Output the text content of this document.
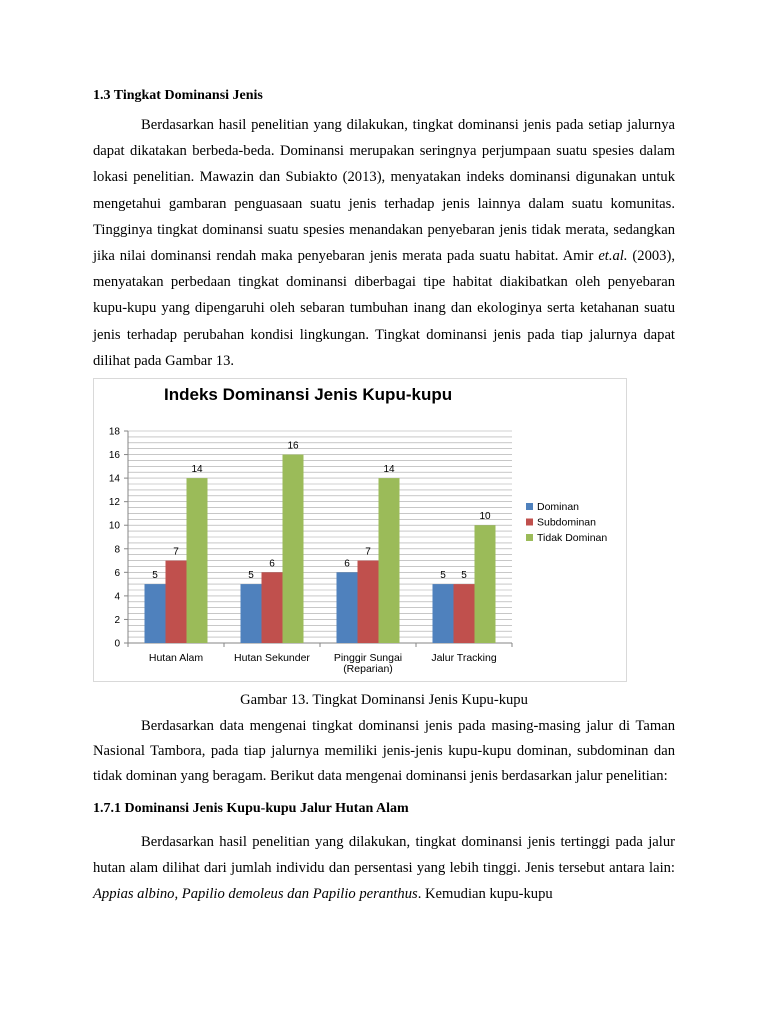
1.3 Tingkat Dominansi Jenis

Berdasarkan hasil penelitian yang dilakukan, tingkat dominansi jenis pada setiap jalurnya dapat dikatakan berbeda-beda. Dominansi merupakan seringnya perjumpaan suatu spesies dalam lokasi penelitian. Mawazin dan Subiakto (2013), menyatakan indeks dominansi digunakan untuk mengetahui gambaran penguasaan suatu jenis terhadap jenis lainnya dalam suatu komunitas. Tingginya tingkat dominansi suatu spesies menandakan penyebaran jenis tidak merata, sedangkan jika nilai dominansi rendah maka penyebaran jenis merata pada suatu habitat. Amir et.al. (2003), menyatakan perbedaan tingkat dominansi diberbagai tipe habitat diakibatkan oleh penyebaran kupu-kupu yang dipengaruhi oleh sebaran tumbuhan inang dan ekologinya serta ketahanan suatu jenis terhadap perubahan kondisi lingkungan. Tingkat dominansi jenis pada tiap jalurnya dapat dilihat pada Gambar 13.

Indeks Dominansi Jenis Kupu-kupu
0
2
4
6
8
10
12
14
16
18
5
7
14
Hutan Alam
5
6
16
Hutan Sekunder
6
7
14
Pinggir Sungai
(Reparian)
5 5
10
Jalur Tracking
Dominan
Subdominan
Tidak Dominan

Gambar 13. Tingkat Dominansi Jenis Kupu-kupu

Berdasarkan data mengenai tingkat dominansi jenis pada masing-masing jalur di Taman Nasional Tambora, pada tiap jalurnya memiliki jenis-jenis kupu-kupu dominan, subdominan dan tidak dominan yang beragam. Berikut data mengenai dominansi jenis berdasarkan jalur penelitian:

1.7.1 Dominansi Jenis Kupu-kupu Jalur Hutan Alam

Berdasarkan hasil penelitian yang dilakukan, tingkat dominansi jenis tertinggi pada jalur hutan alam dilihat dari jumlah individu dan persentasi yang lebih tinggi. Jenis tersebut antara lain: Appias albino, Papilio demoleus dan Papilio peranthus. Kemudian kupu-kupu
